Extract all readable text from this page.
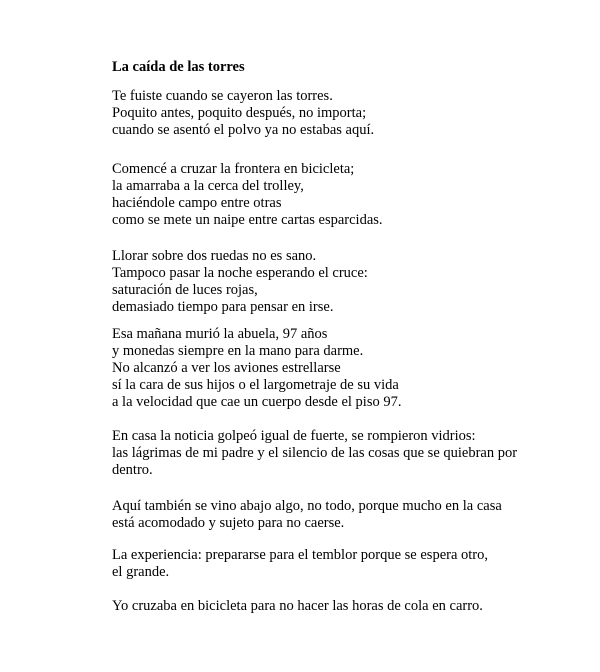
La caída de las torres

Te fuiste cuando se cayeron las torres.
Poquito antes, poquito después, no importa;
cuando se asentó el polvo ya no estabas aquí.

Comencé a cruzar la frontera en bicicleta;
la amarraba a la cerca del trolley,
haciéndole campo entre otras
como se mete un naipe entre cartas esparcidas.

Llorar sobre dos ruedas no es sano.
Tampoco pasar la noche esperando el cruce:
saturación de luces rojas,
demasiado tiempo para pensar en irse.

Esa mañana murió la abuela, 97 años
y monedas siempre en la mano para darme.
No alcanzó a ver los aviones estrellarse
sí la cara de sus hijos o el largometraje de su vida
a la velocidad que cae un cuerpo desde el piso 97.

En casa la noticia golpeó igual de fuerte, se rompieron vidrios:
las lágrimas de mi padre y el silencio de las cosas que se quiebran por
dentro.

Aquí también se vino abajo algo, no todo, porque mucho en la casa
está acomodado y sujeto para no caerse.

La experiencia: prepararse para el temblor porque se espera otro,
el grande.

Yo cruzaba en bicicleta para no hacer las horas de cola en carro.
